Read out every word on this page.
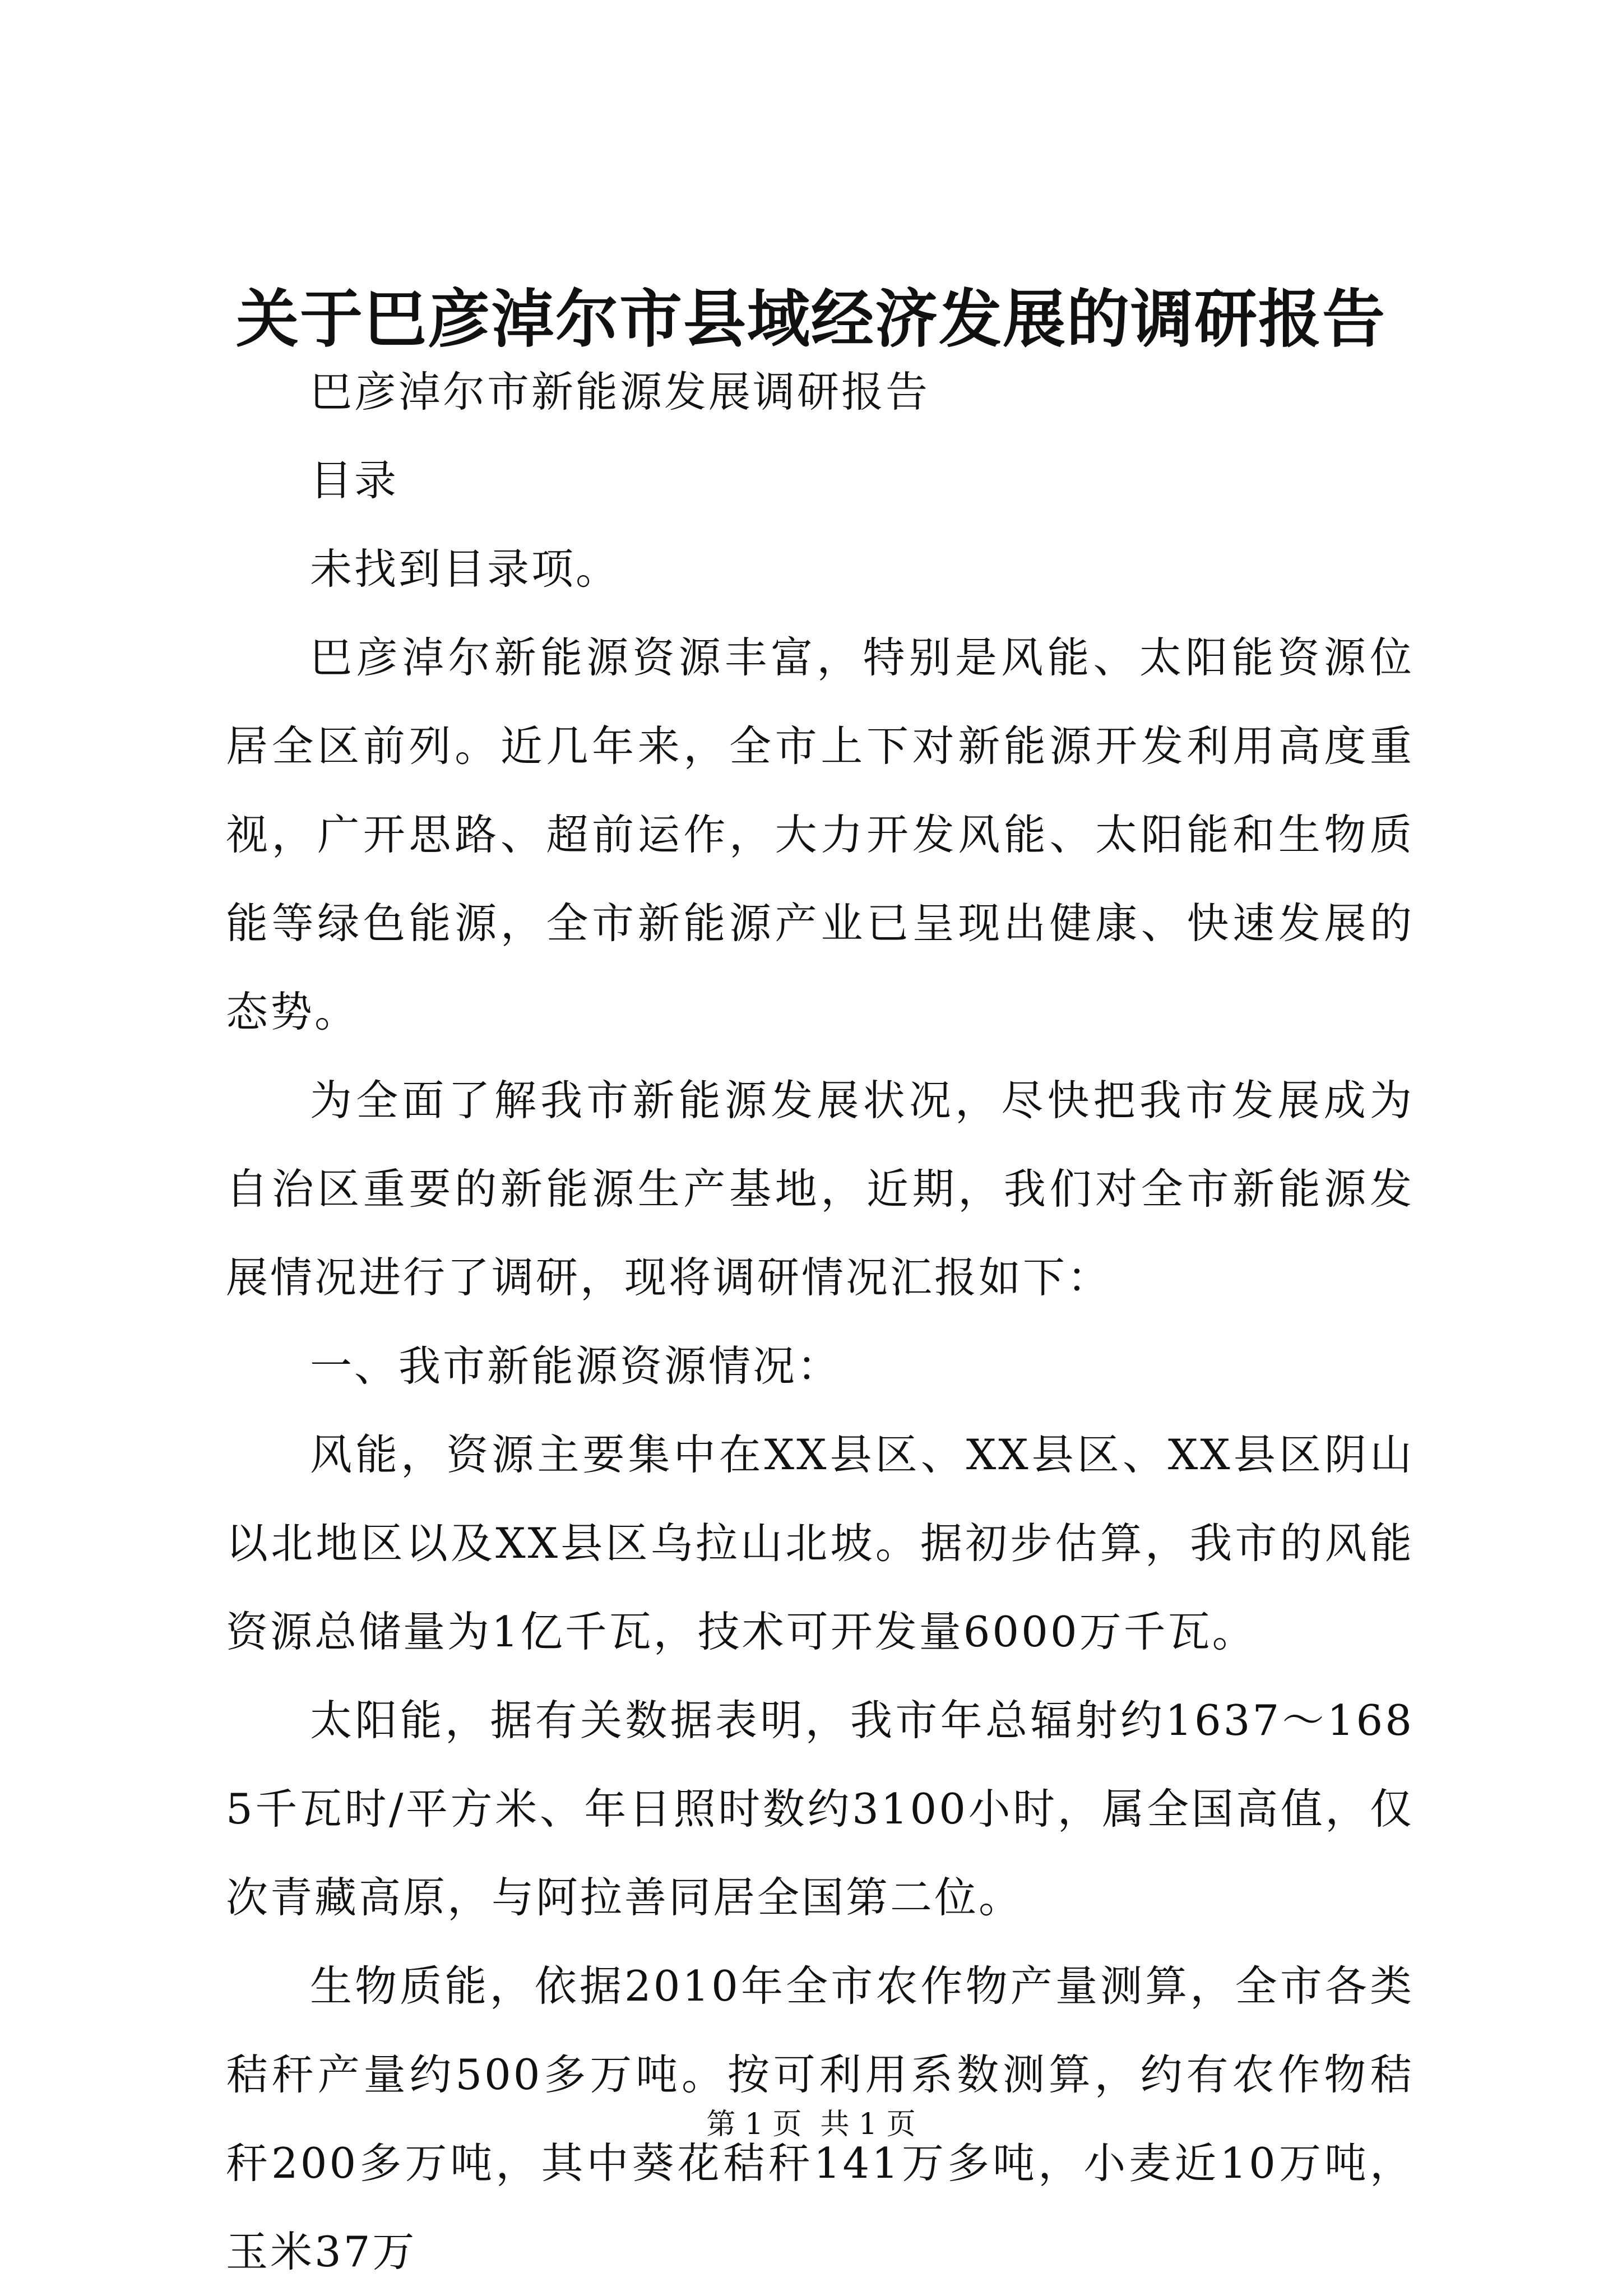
关于巴彦淖尔市县域经济发展的调研报告

巴彦淖尔市新能源发展调研报告

目录

未找到目录项。

巴彦淖尔新能源资源丰富，特别是风能、太阳能资源位居全区前列。近几年来，全市上下对新能源开发利用高度重视，广开思路、超前运作，大力开发风能、太阳能和生物质能等绿色能源，全市新能源产业已呈现出健康、快速发展的态势。

为全面了解我市新能源发展状况，尽快把我市发展成为自治区重要的新能源生产基地，近期，我们对全市新能源发展情况进行了调研，现将调研情况汇报如下：

一、我市新能源资源情况：

风能，资源主要集中在XX县区、XX县区、XX县区阴山以北地区以及XX县区乌拉山北坡。据初步估算，我市的风能资源总储量为1亿千瓦，技术可开发量6000万千瓦。

太阳能，据有关数据表明，我市年总辐射约1637～1685千瓦时/平方米、年日照时数约3100小时，属全国高值，仅次青藏高原，与阿拉善同居全国第二位。

生物质能，依据2010年全市农作物产量测算，全市各类秸秆产量约500多万吨。按可利用系数测算，约有农作物秸秆200多万吨，其中葵花秸秆141万多吨，小麦近10万吨，玉米37万

第 1 页  共 1 页
